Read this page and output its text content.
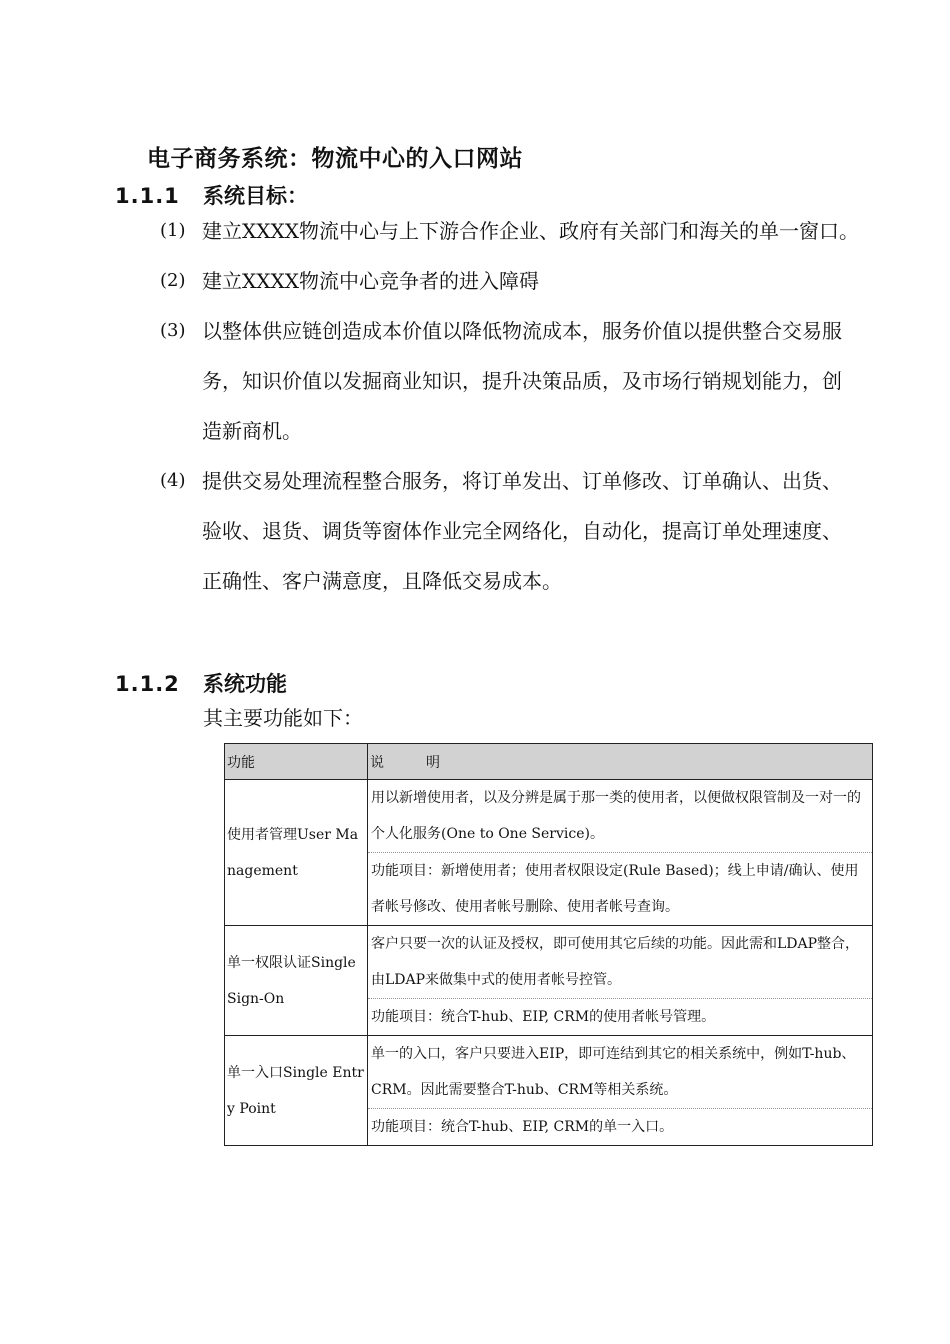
电子商务系统：物流中心的入口网站
1.1.1	系统目标：
(1) 建立XXXX物流中心与上下游合作企业、政府有关部门和海关的单一窗口。
(2) 建立XXXX物流中心竞争者的进入障碍
(3) 以整体供应链创造成本价值以降低物流成本，服务价值以提供整合交易服务，知识价值以发掘商业知识，提升决策品质，及市场行销规划能力，创造新商机。
(4) 提供交易处理流程整合服务，将订单发出、订单修改、订单确认、出货、验收、退货、调货等窗体作业完全网络化，自动化，提高订单处理速度、正确性、客户满意度，且降低交易成本。
1.1.2	系统功能
其主要功能如下：
功能	说　　　明
使用者管理User Management	用以新增使用者，以及分辨是属于那一类的使用者，以便做权限管制及一对一的个人化服务(One to One Service)。
功能项目：新增使用者；使用者权限设定(Rule Based)；线上申请/确认、使用者帐号修改、使用者帐号删除、使用者帐号查询。

单一权限认证Single Sign-On	客户只要一次的认证及授权，即可使用其它后续的功能。因此需和LDAP整合，由LDAP来做集中式的使用者帐号控管。
功能项目：统合T-hub、EIP, CRM的使用者帐号管理。

单一入口Single Entry Point	单一的入口，客户只要进入EIP，即可连结到其它的相关系统中，例如T-hub、CRM。因此需要整合T-hub、CRM等相关系统。
功能项目：统合T-hub、EIP, CRM的单一入口。
